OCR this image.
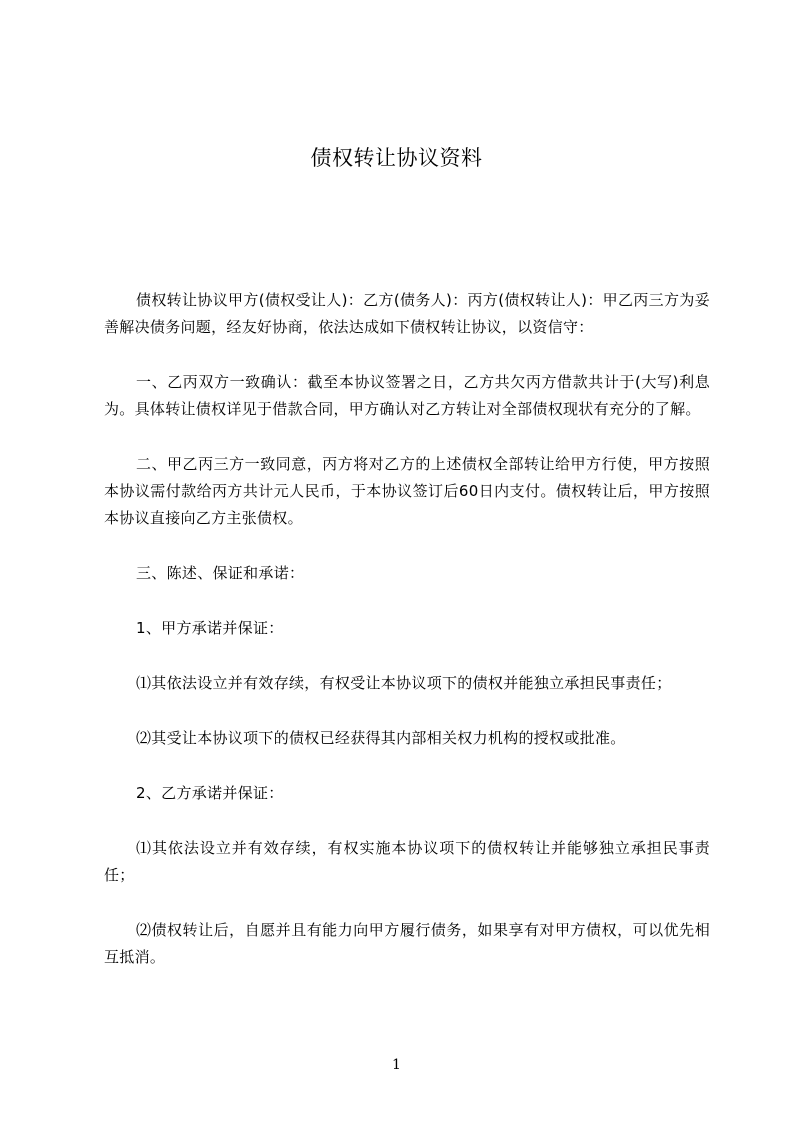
债权转让协议资料

债权转让协议甲方(债权受让人)：乙方(债务人)：丙方(债权转让人)：甲乙丙三方为妥善解决债务问题，经友好协商，依法达成如下债权转让协议，以资信守：

一、乙丙双方一致确认：截至本协议签署之日，乙方共欠丙方借款共计于(大写)利息为。具体转让债权详见于借款合同，甲方确认对乙方转让对全部债权现状有充分的了解。

二、甲乙丙三方一致同意，丙方将对乙方的上述债权全部转让给甲方行使，甲方按照本协议需付款给丙方共计元人民币，于本协议签订后60日内支付。债权转让后，甲方按照本协议直接向乙方主张债权。

三、陈述、保证和承诺：

1、甲方承诺并保证：

⑴其依法设立并有效存续，有权受让本协议项下的债权并能独立承担民事责任；

⑵其受让本协议项下的债权已经获得其内部相关权力机构的授权或批准。

2、乙方承诺并保证：

⑴其依法设立并有效存续，有权实施本协议项下的债权转让并能够独立承担民事责任；

⑵债权转让后，自愿并且有能力向甲方履行债务，如果享有对甲方债权，可以优先相互抵消。

1
